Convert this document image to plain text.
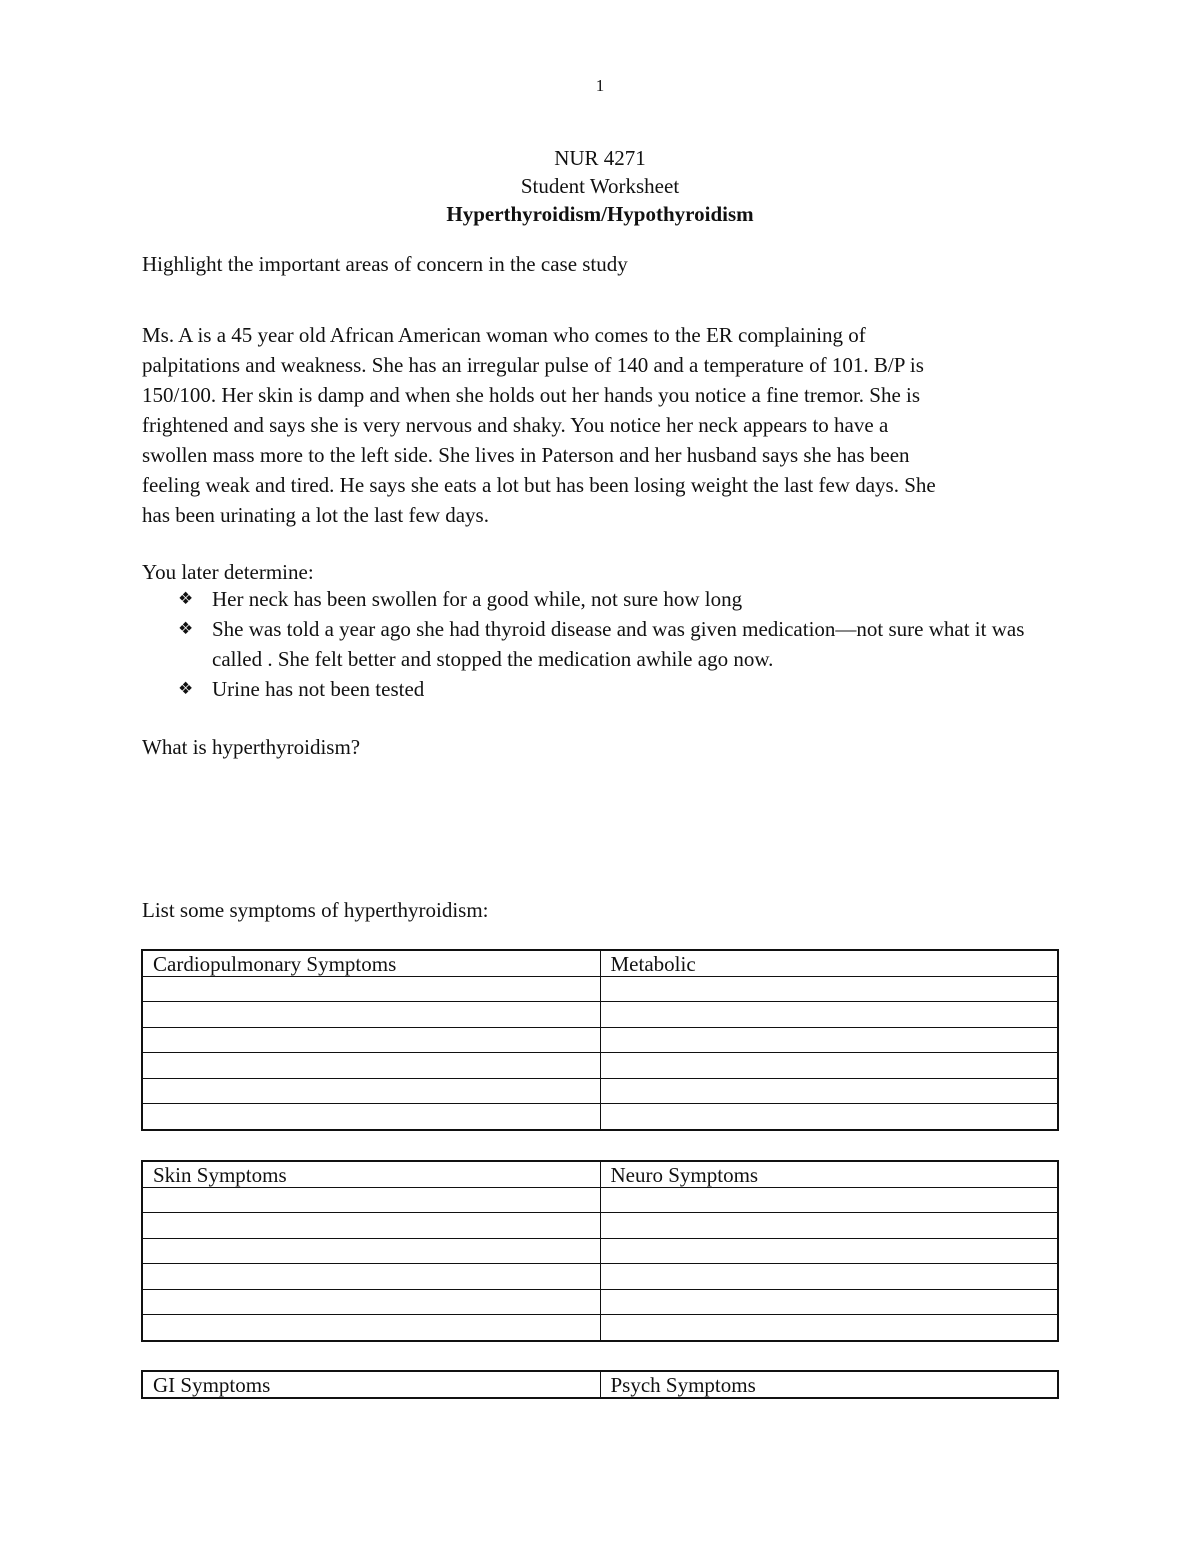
1
NUR 4271
Student Worksheet
Hyperthyroidism/Hypothyroidism
Highlight the important areas of concern in the case study
Ms. A is a 45 year old African American woman who comes to the ER complaining of
palpitations and weakness. She has an irregular pulse of 140 and a temperature of 101. B/P is
150/100. Her skin is damp and when she holds out her hands you notice a fine tremor. She is
frightened and says she is very nervous and shaky. You notice her neck appears to have a
swollen mass more to the left side. She lives in Paterson and her husband says she has been
feeling weak and tired. He says she eats a lot but has been losing weight the last few days. She
has been urinating a lot the last few days.
You later determine:
❖ Her neck has been swollen for a good while, not sure how long
❖ She was told a year ago she had thyroid disease and was given medication—not sure what it was called . She felt better and stopped the medication awhile ago now.
❖ Urine has not been tested
What is hyperthyroidism?
List some symptoms of hyperthyroidism:
Cardiopulmonary Symptoms	Metabolic

Skin Symptoms	Neuro Symptoms

GI Symptoms	Psych Symptoms
